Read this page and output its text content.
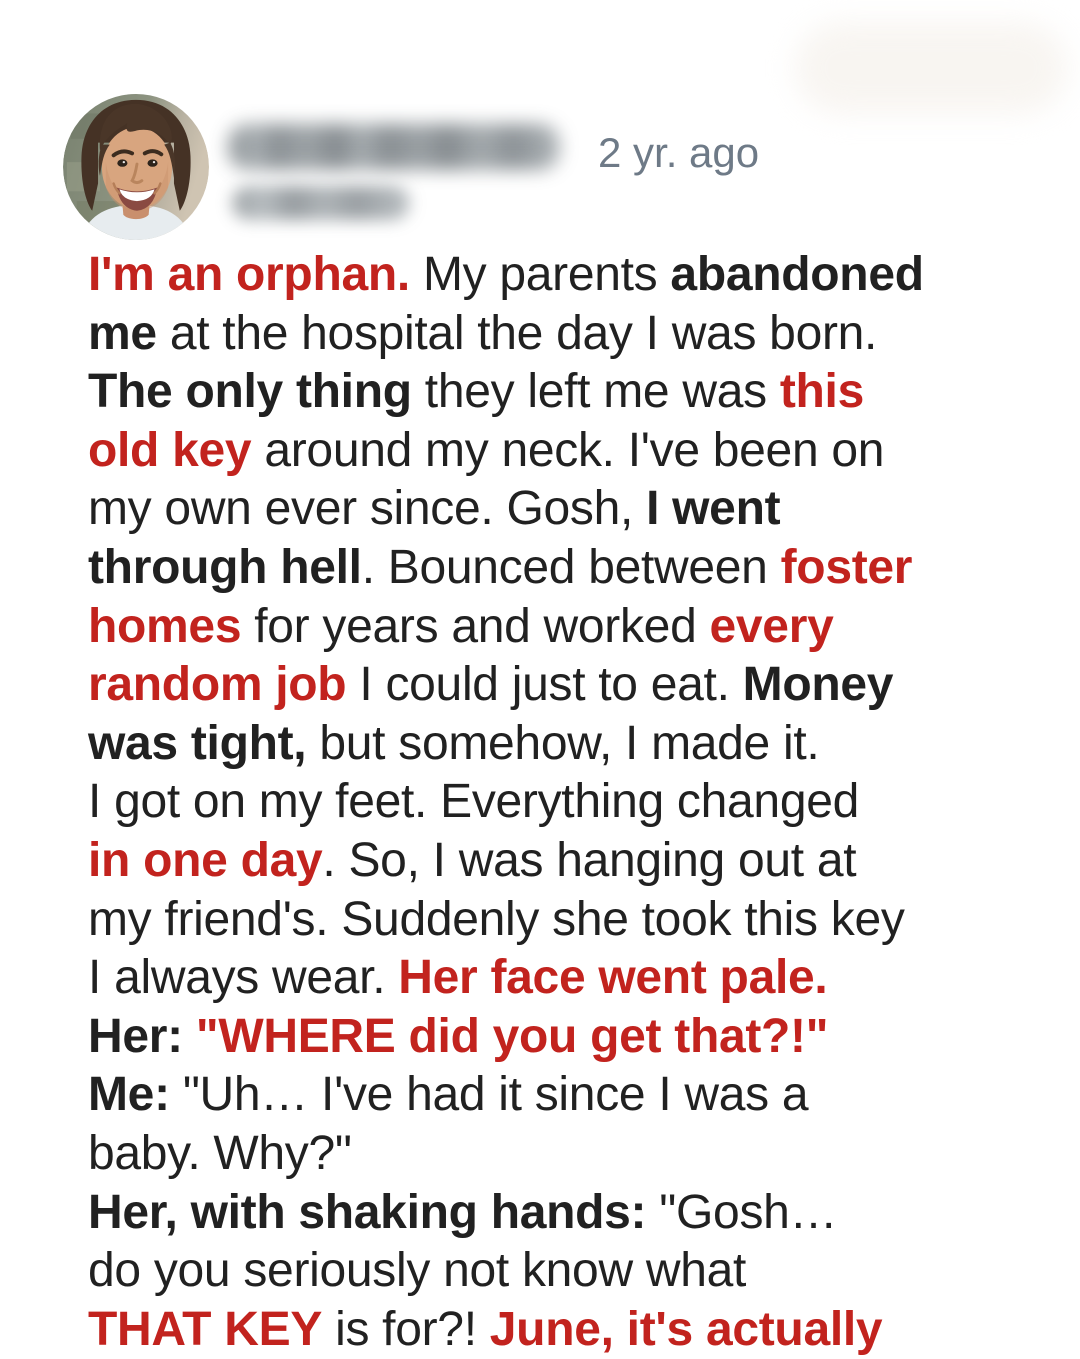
2 yr. ago
I'm an orphan. My parents abandoned
me at the hospital the day I was born.
The only thing they left me was this
old key around my neck. I've been on
my own ever since. Gosh, I went
through hell. Bounced between foster
homes for years and worked every
random job I could just to eat. Money
was tight, but somehow, I made it.
I got on my feet. Everything changed
in one day. So, I was hanging out at
my friend's. Suddenly she took this key
I always wear. Her face went pale.
Her: "WHERE did you get that?!"
Me: "Uh… I've had it since I was a
baby. Why?"
Her, with shaking hands: "Gosh…
do you seriously not know what
THAT KEY is for?! June, it's actually
